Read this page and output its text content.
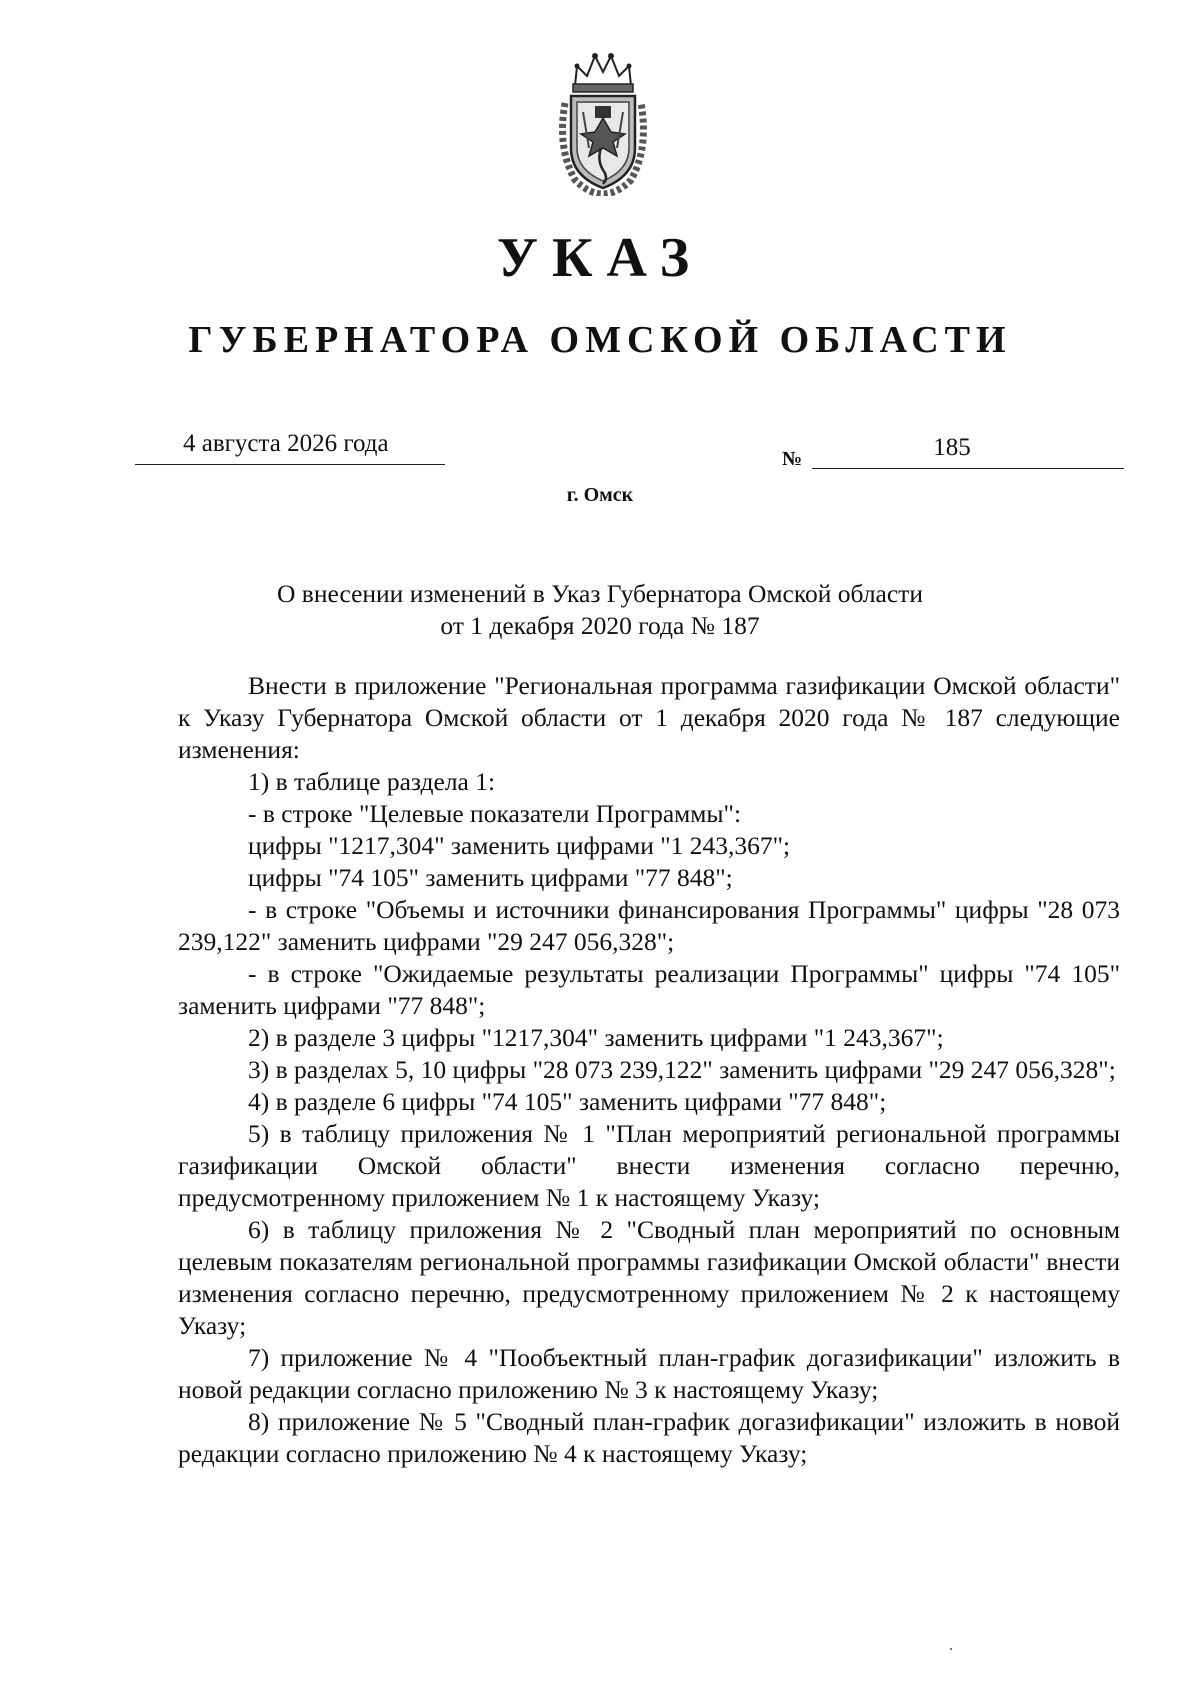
УКАЗ
ГУБЕРНАТОРА ОМСКОЙ ОБЛАСТИ
4 августа 2026 года
№	185
г. Омск
О внесении изменений в Указ Губернатора Омской области
от 1 декабря 2020 года № 187

Внести в приложение "Региональная программа газификации Омской области" к Указу Губернатора Омской области от 1 декабря 2020 года № 187 следующие изменения:

1) в таблице раздела 1:

- в строке "Целевые показатели Программы":

цифры "1217,304" заменить цифрами "1 243,367";

цифры "74 105" заменить цифрами "77 848";

- в строке "Объемы и источники финансирования Программы" цифры "28 073 239,122" заменить цифрами "29 247 056,328";

- в строке "Ожидаемые результаты реализации Программы" цифры "74 105" заменить цифрами "77 848";

2) в разделе 3 цифры "1217,304" заменить цифрами "1 243,367";

3) в разделах 5, 10 цифры "28 073 239,122" заменить цифрами "29 247 056,328";

4) в разделе 6 цифры "74 105" заменить цифрами "77 848";

5) в таблицу приложения № 1 "План мероприятий региональной программы газификации Омской области" внести изменения согласно перечню, предусмотренному приложением № 1 к настоящему Указу;

6) в таблицу приложения № 2 "Сводный план мероприятий по основным целевым показателям региональной программы газификации Омской области" внести изменения согласно перечню, предусмотренному приложением № 2 к настоящему Указу;

7) приложение № 4 "Пообъектный план-график догазификации" изложить в новой редакции согласно приложению № 3 к настоящему Указу;

8) приложение № 5 "Сводный план-график догазификации" изложить в новой редакции согласно приложению № 4 к настоящему Указу;
